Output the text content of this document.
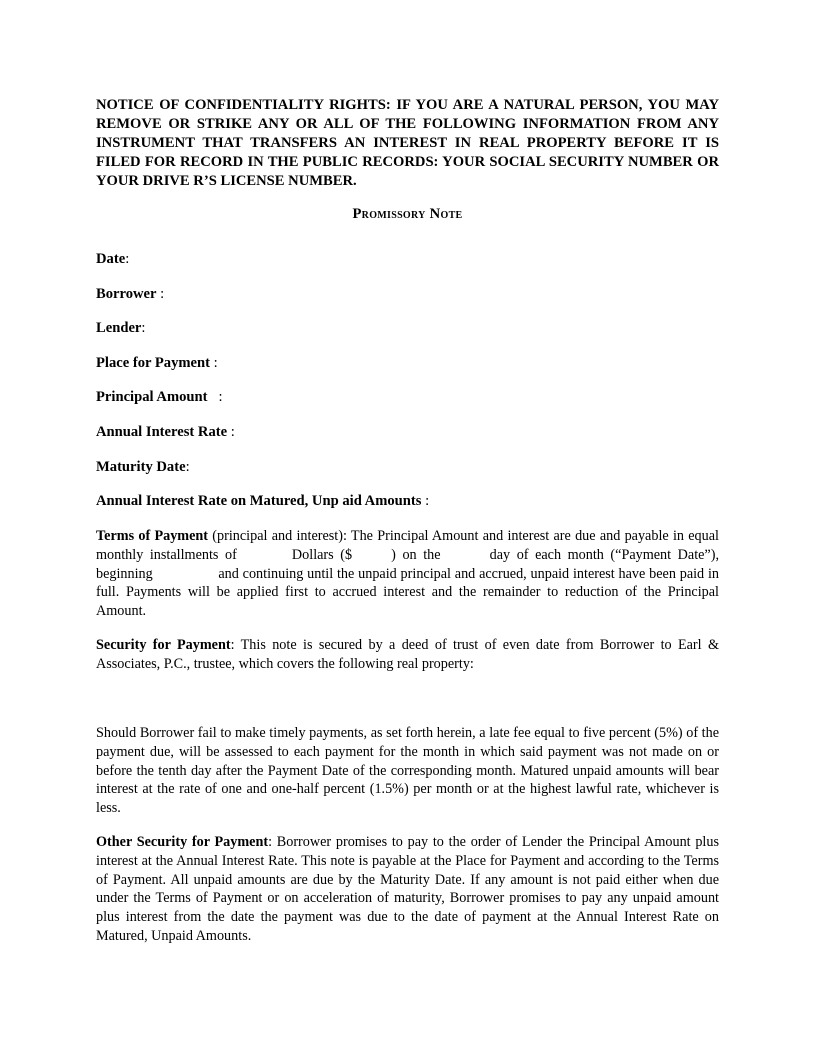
NOTICE OF CONFIDENTIALITY RIGHTS: IF YOU ARE A NATURAL PERSON, YOU MAY REMOVE OR STRIKE ANY OR ALL OF THE FOLLOWING INFORMATION FROM ANY INSTRUMENT THAT TRANSFERS AN INTEREST IN REAL PROPERTY BEFORE IT IS FILED FOR RECORD IN THE PUBLIC RECORDS: YOUR SOCIAL SECURITY NUMBER OR YOUR DRIVE R’S LICENSE NUMBER.
Promissory Note
Date:
Borrower :
Lender:
Place for Payment :
Principal Amount :
Annual Interest Rate :
Maturity Date:
Annual Interest Rate on Matured, Unp aid Amounts :
Terms of Payment (principal and interest): The Principal Amount and interest are due and payable in equal monthly installments of	Dollars ($  ) on the	day of each month (“Payment Date”), beginning	and continuing until the unpaid principal and accrued, unpaid interest have been paid in full. Payments will be applied first to accrued interest and the remainder to reduction of the Principal Amount.
Security for Payment: This note is secured by a deed of trust of even date from Borrower to Earl & Associates, P.C., trustee, which covers the following real property:
Should Borrower fail to make timely payments, as set forth herein, a late fee equal to five percent (5%) of the payment due, will be assessed to each payment for the month in which said payment was not made on or before the tenth day after the Payment Date of the corresponding month. Matured unpaid amounts will bear interest at the rate of one and one-half percent (1.5%) per month or at the highest lawful rate, whichever is less.
Other Security for Payment: Borrower promises to pay to the order of Lender the Principal Amount plus interest at the Annual Interest Rate. This note is payable at the Place for Payment and according to the Terms of Payment. All unpaid amounts are due by the Maturity Date. If any amount is not paid either when due under the Terms of Payment or on acceleration of maturity, Borrower promises to pay any unpaid amount plus interest from the date the payment was due to the date of payment at the Annual Interest Rate on Matured, Unpaid Amounts.
